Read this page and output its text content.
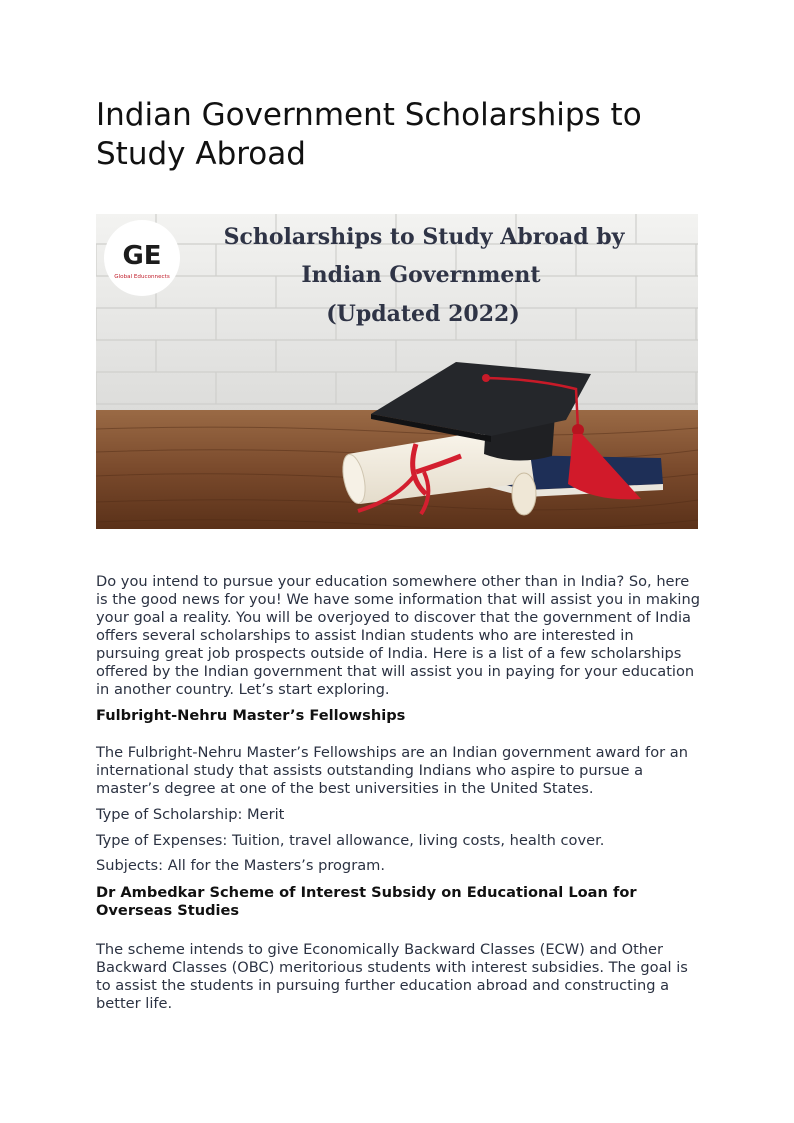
Indian Government Scholarships to Study Abroad
GE
Global Educonnects
Scholarships to Study Abroad by
Indian Government
(Updated 2022)

Do you intend to pursue your education somewhere other than in India? So, here is the good news for you! We have some information that will assist you in making your goal a reality. You will be overjoyed to discover that the government of India offers several scholarships to assist Indian students who are interested in pursuing great job prospects outside of India. Here is a list of a few scholarships offered by the Indian government that will assist you in paying for your education in another country. Let’s start exploring.

Fulbright-Nehru Master’s Fellowships

The Fulbright-Nehru Master’s Fellowships are an Indian government award for an international study that assists outstanding Indians who aspire to pursue a master’s degree at one of the best universities in the United States.

Type of Scholarship: Merit

Type of Expenses: Tuition, travel allowance, living costs, health cover.

Subjects: All for the Masters’s program.

Dr Ambedkar Scheme of Interest Subsidy on Educational Loan for Overseas Studies

The scheme intends to give Economically Backward Classes (ECW) and Other Backward Classes (OBC) meritorious students with interest subsidies. The goal is to assist the students in pursuing further education abroad and constructing a better life.
